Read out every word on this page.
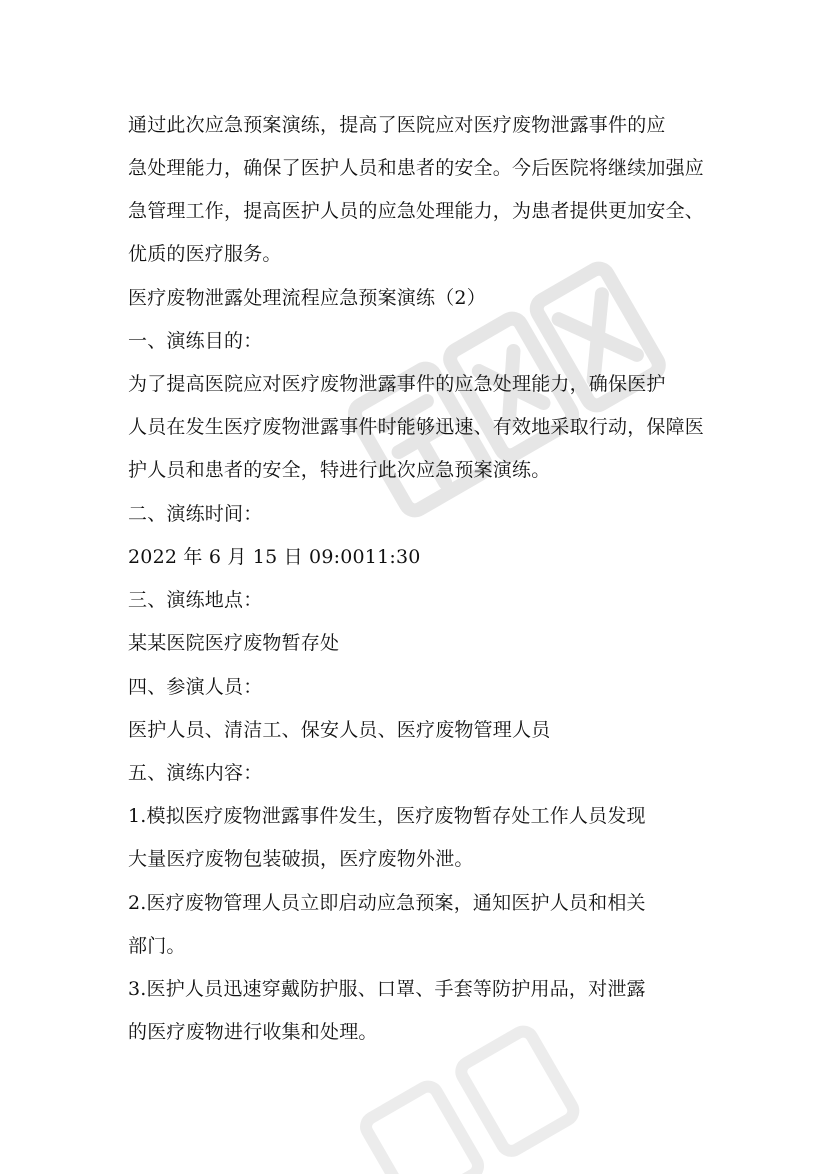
通过此次应急预案演练，提高了医院应对医疗废物泄露事件的应
急处理能力，确保了医护人员和患者的安全。今后医院将继续加强应
急管理工作，提高医护人员的应急处理能力，为患者提供更加安全、
优质的医疗服务。
医疗废物泄露处理流程应急预案演练（2）
一、演练目的：
为了提高医院应对医疗废物泄露事件的应急处理能力，确保医护
人员在发生医疗废物泄露事件时能够迅速、有效地采取行动，保障医
护人员和患者的安全，特进行此次应急预案演练。
二、演练时间：
2022 年 6 月 15 日 09:0011:30
三、演练地点：
某某医院医疗废物暂存处
四、参演人员：
医护人员、清洁工、保安人员、医疗废物管理人员
五、演练内容：
1.模拟医疗废物泄露事件发生，医疗废物暂存处工作人员发现
大量医疗废物包装破损，医疗废物外泄。
2.医疗废物管理人员立即启动应急预案，通知医护人员和相关
部门。
3.医护人员迅速穿戴防护服、口罩、手套等防护用品，对泄露
的医疗废物进行收集和处理。
